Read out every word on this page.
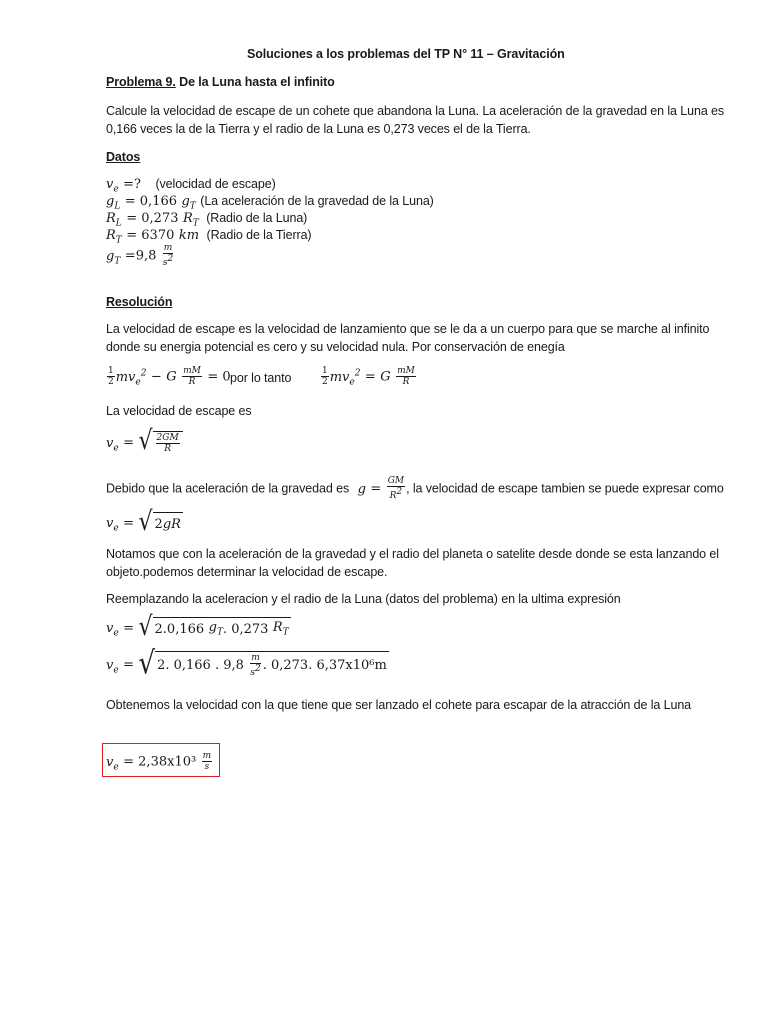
Soluciones a los problemas del TP N° 11 – Gravitación
Problema 9. De la Luna hasta el infinito
Calcule la velocidad de escape de un cohete que abandona la Luna. La aceleración de la gravedad en la Luna es
0,166 veces la de la Tierra y el radio de la Luna es 0,273 veces el de la Tierra.
Datos
$v_e$ =? (velocidad de escape)
$g_L = 0,166$ $g_T$ (La aceleración de la gravedad de la Luna)
$R_L = 0,273$ $R_T$ (Radio de la Luna)
$R_T = 6370$ km (Radio de la Tierra)
$g_T =9,8 \frac{m}{s^2}$
Resolución
La velocidad de escape es la velocidad de lanzamiento que se le da a un cuerpo para que se marche al infinito
donde su energia potencial es cero y su velocidad nula. Por conservación de enegía
$\frac{1}{2} mv_e^2 - G \frac{mM}{R} = 0$ por lo tanto	$\frac{1}{2} mv_e^2 = G \frac{mM}{R}$
La velocidad de escape es
$v_e$ = √ $\frac{2GM}{R}$
Debido que la aceleración de la gravedad es $g = \frac{GM}{R^2}$ , la velocidad de escape tambien se puede expresar como
$v_e$ = √ 2 gR
Notamos que con la aceleración de la gravedad y el radio del planeta o satelite desde donde se esta lanzando el
objeto.podemos determinar la velocidad de escape.
Reemplazando la aceleracion y el radio de la Luna (datos del problema) en la ultima expresión
$v_e$ = √ 2.0,166
$g_T$ . 0,273
$R_T$
$v_e$ = √ 2. 0,166 . 9,8
$\frac{m}{s^2}$ . 0,273. 6,37x10⁶m
Obtenemos la velocidad con la que tiene que ser lanzado el cohete para escapar de la atracción de la Luna
$v_e = 2,38x10^3 \frac{m}{s}$
